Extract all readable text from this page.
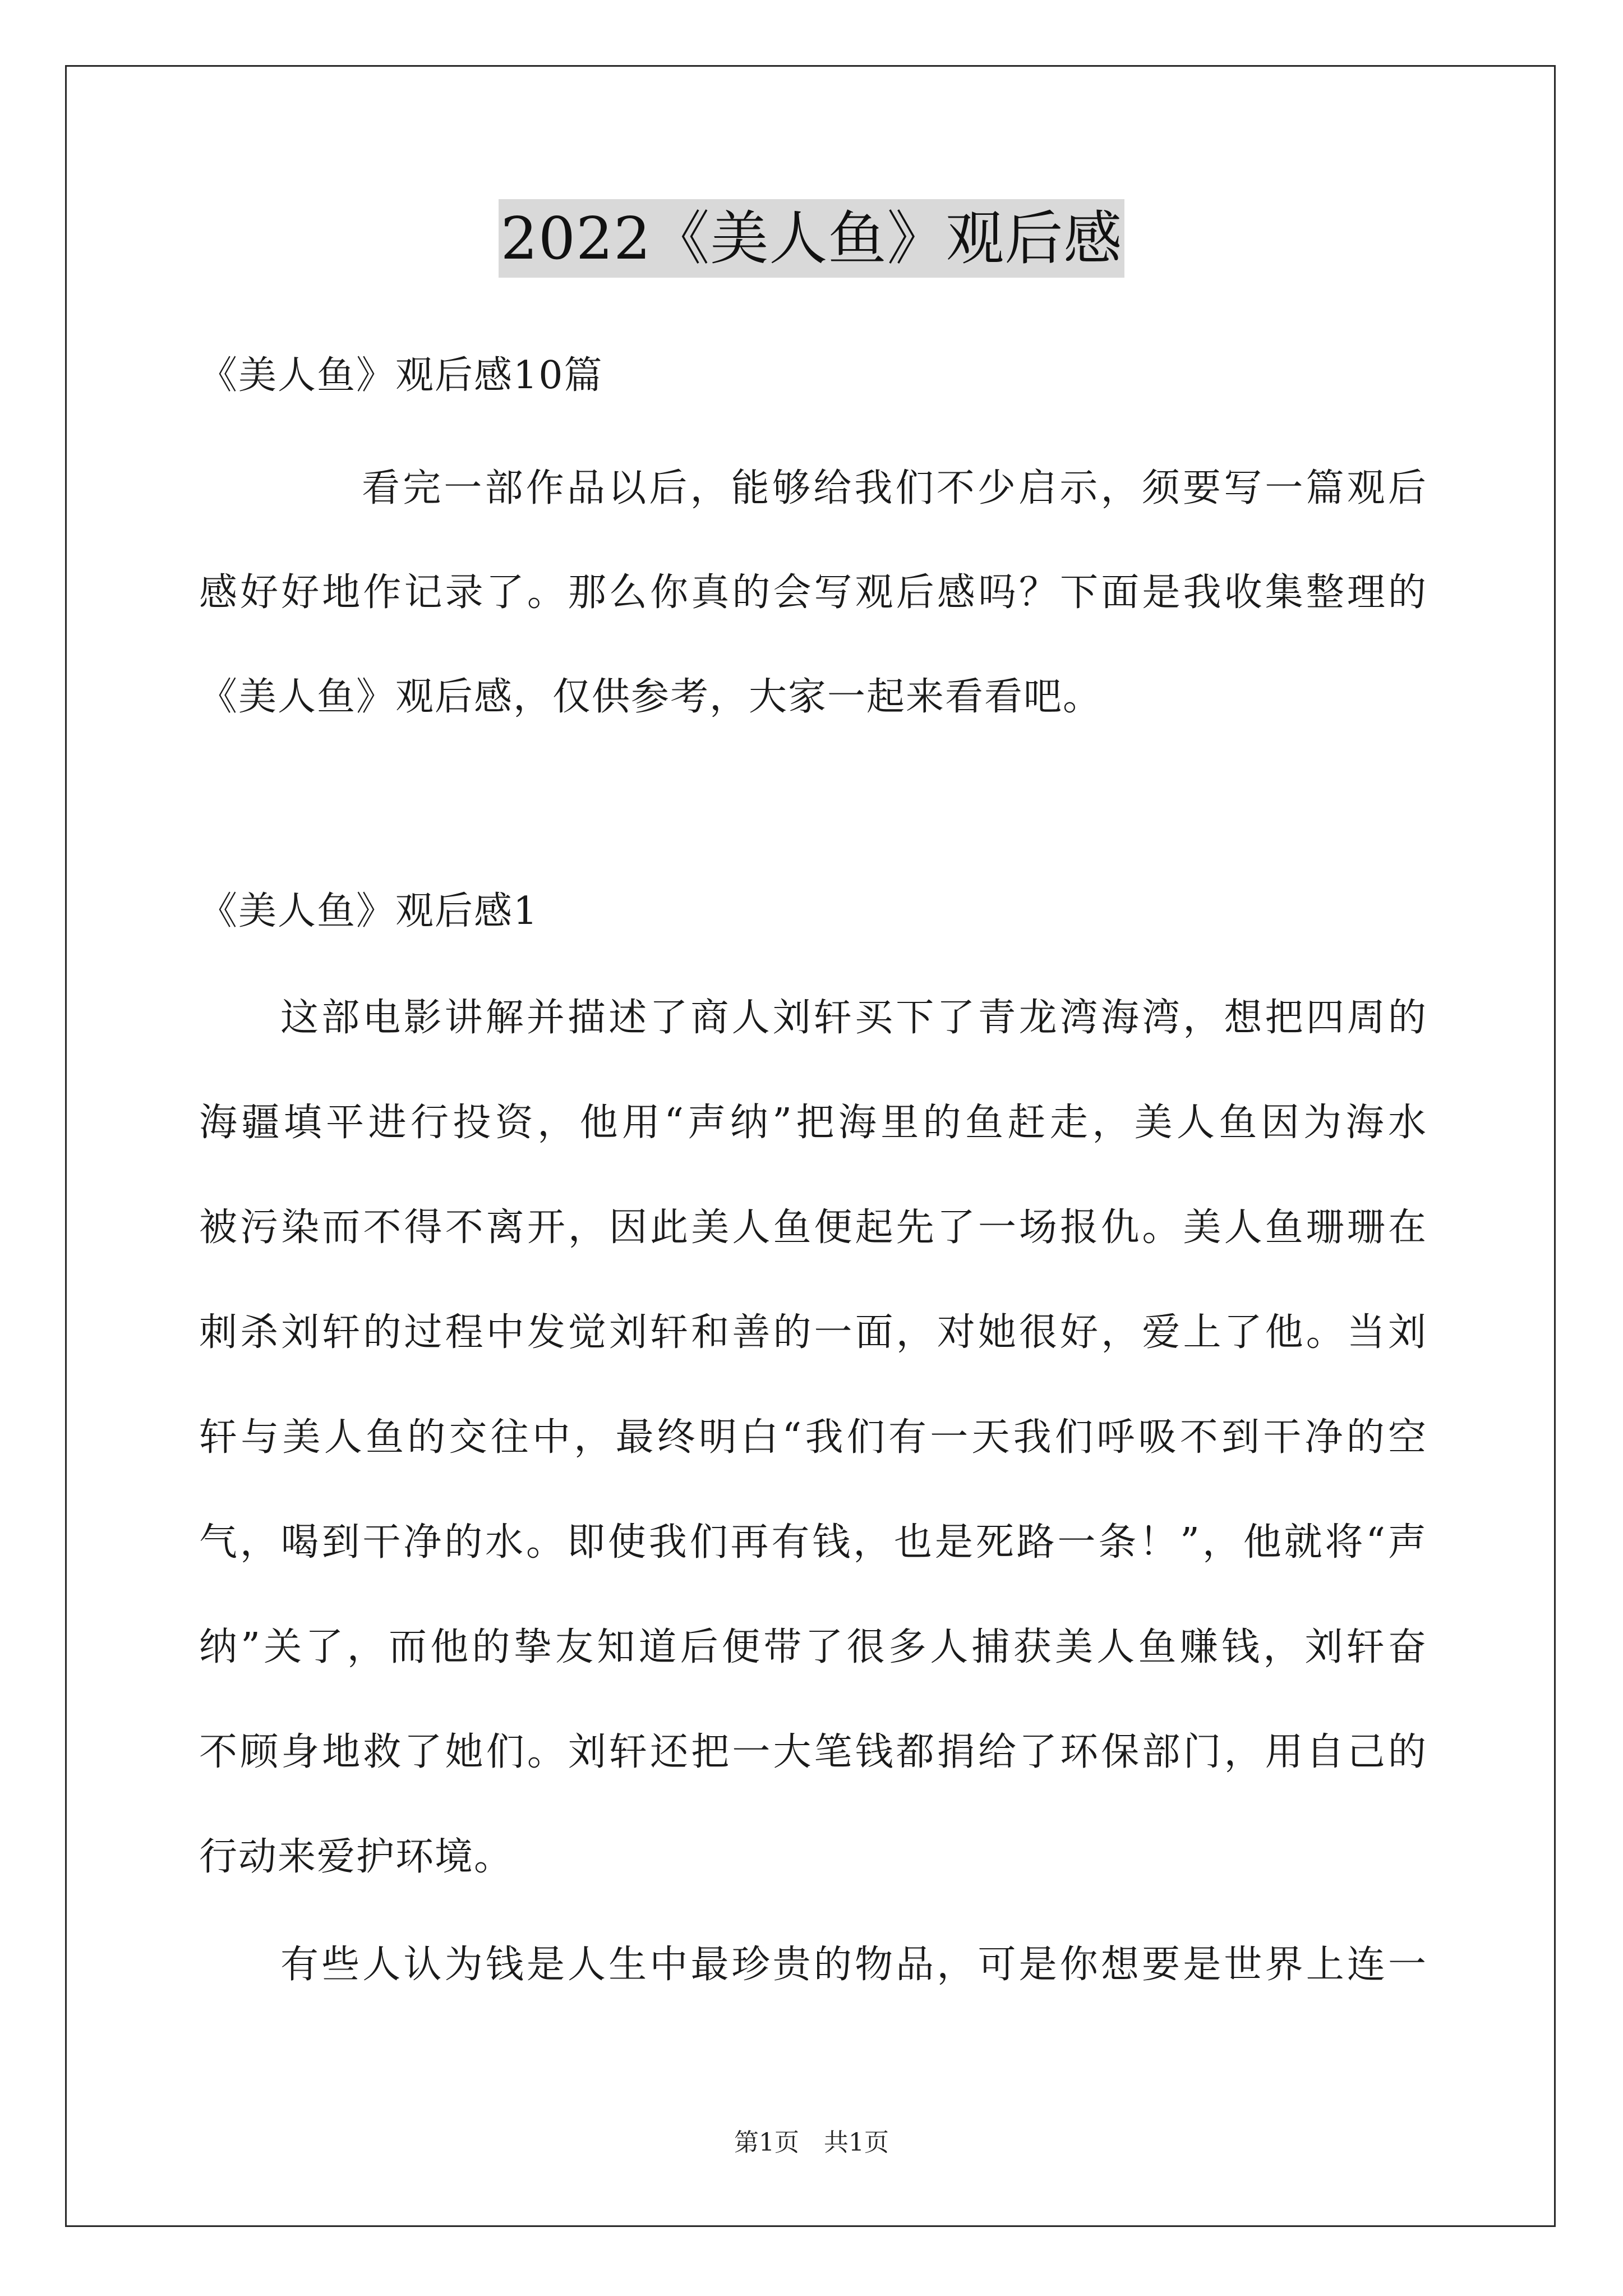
2022《美人鱼》观后感
《美人鱼》观后感10篇
看完一部作品以后，能够给我们不少启示，须要写一篇观后
感好好地作记录了。那么你真的会写观后感吗？下面是我收集整理的
《美人鱼》观后感，仅供参考，大家一起来看看吧。
《美人鱼》观后感1
这部电影讲解并描述了商人刘轩买下了青龙湾海湾，想把四周的
海疆填平进行投资，他用“声纳”把海里的鱼赶走，美人鱼因为海水
被污染而不得不离开，因此美人鱼便起先了一场报仇。美人鱼珊珊在
刺杀刘轩的过程中发觉刘轩和善的一面，对她很好，爱上了他。当刘
轩与美人鱼的交往中，最终明白“我们有一天我们呼吸不到干净的空
气，喝到干净的水。即使我们再有钱，也是死路一条！”，他就将“声
纳”关了，而他的挚友知道后便带了很多人捕获美人鱼赚钱，刘轩奋
不顾身地救了她们。刘轩还把一大笔钱都捐给了环保部门，用自己的
行动来爱护环境。
有些人认为钱是人生中最珍贵的物品，可是你想要是世界上连一
第1页　共1页
